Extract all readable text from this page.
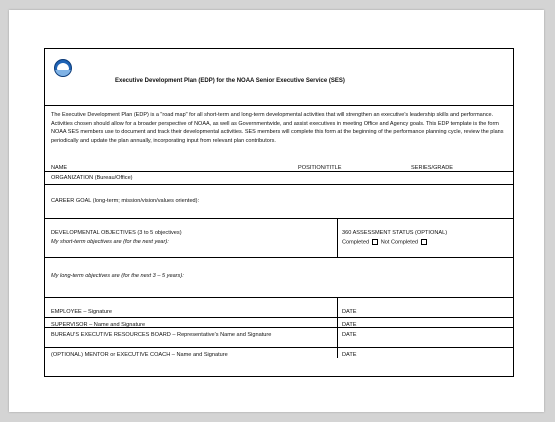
Executive Development Plan (EDP) for the NOAA Senior Executive Service (SES)
The Executive Development Plan (EDP) is a "road map" for all short-term and long-term developmental activities that will strengthen an executive's leadership skills and performance. Activities chosen should allow for a broader perspective of NOAA, as well as Governmentwide, and assist executives in meeting Office and Agency goals. This EDP template is the form NOAA SES members use to document and track their developmental activities. SES members will complete this form at the beginning of the performance planning cycle, review the plans periodically and update the plan annually, incorporating input from relevant plan contributors.
NAME	POSITION/TITLE	SERIES/GRADE
ORGANIZATION (Bureau/Office)
CAREER GOAL (long-term; mission/vision/values oriented):
DEVELOPMENTAL OBJECTIVES (3 to 5 objectives)
My short-term objectives are (for the next year):
360 ASSESSMENT STATUS (OPTIONAL)
Completed Not Completed
My long-term objectives are (for the next 3 – 5 years):
EMPLOYEE – Signature	DATE
SUPERVISOR – Name and Signature	DATE
BUREAU'S EXECUTIVE RESOURCES BOARD – Representative's Name and Signature	DATE
(OPTIONAL) MENTOR or EXECUTIVE COACH – Name and Signature	DATE
